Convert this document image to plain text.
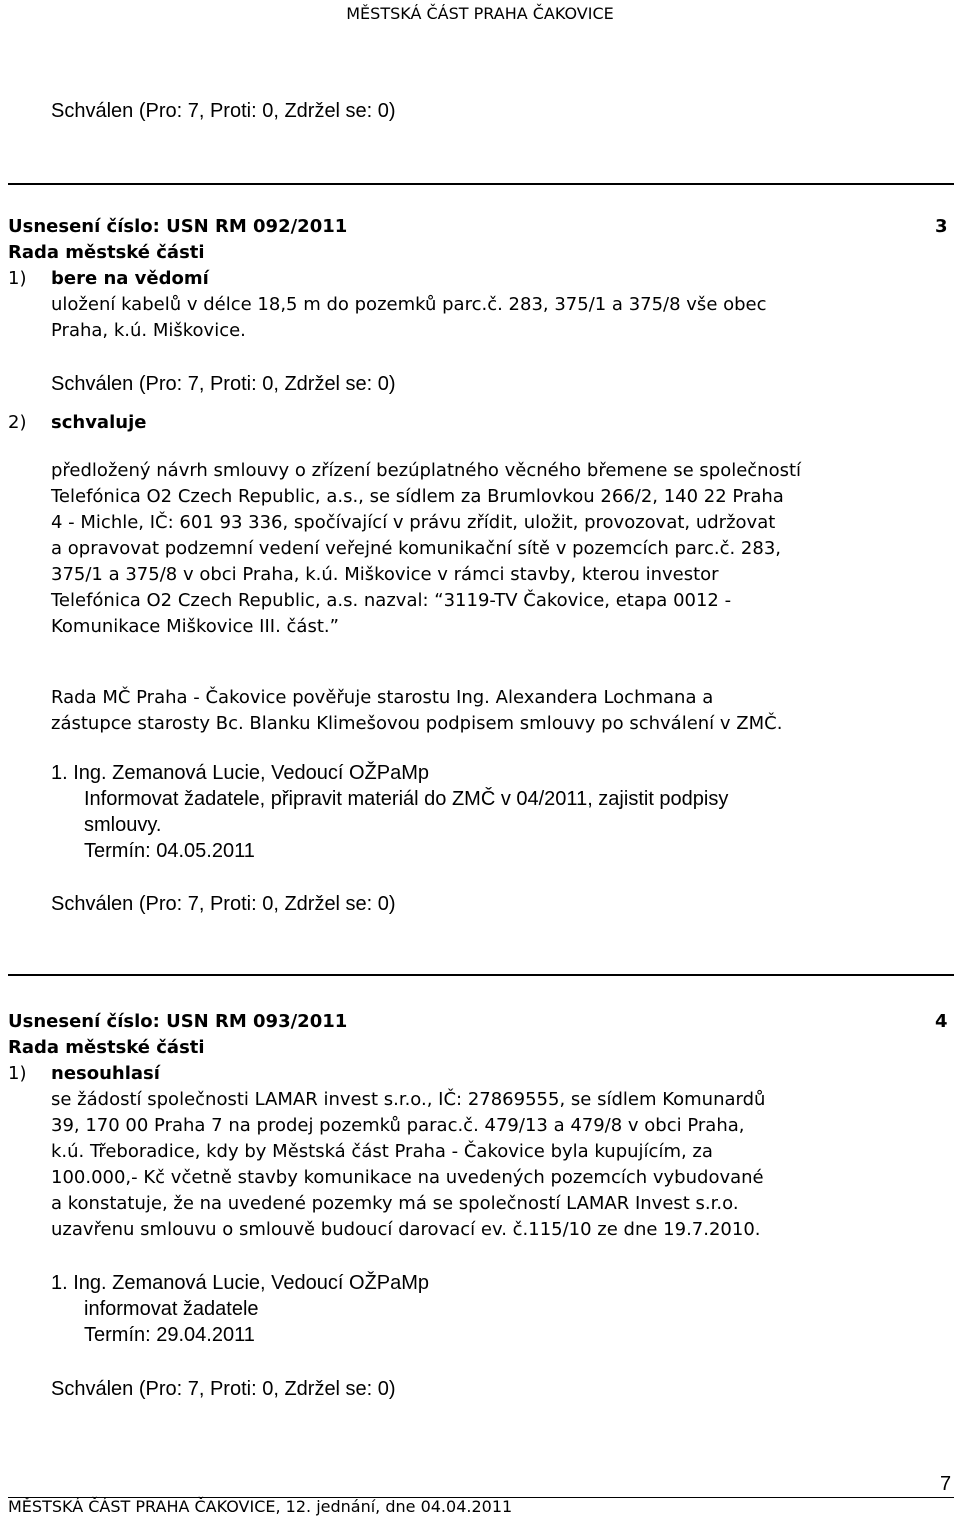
MĚSTSKÁ ČÁST PRAHA ČAKOVICE
Schválen (Pro: 7, Proti: 0, Zdržel se: 0)
Usnesení číslo: USN RM 092/2011	3
Rada městské části
1) bere na vědomí
uložení kabelů v délce 18,5 m do pozemků parc.č. 283, 375/1 a 375/8 vše obec
Praha, k.ú. Miškovice.
Schválen (Pro: 7, Proti: 0, Zdržel se: 0)
2) schvaluje
předložený návrh smlouvy o zřízení bezúplatného věcného břemene se společností
Telefónica O2 Czech Republic, a.s., se sídlem za Brumlovkou 266/2, 140 22 Praha
4 - Michle, IČ: 601 93 336, spočívající v právu zřídit, uložit, provozovat, udržovat
a opravovat podzemní vedení veřejné komunikační sítě v pozemcích parc.č. 283,
375/1 a 375/8 v obci Praha, k.ú. Miškovice v rámci stavby, kterou investor
Telefónica O2 Czech Republic, a.s. nazval: “3119-TV Čakovice, etapa 0012 -
Komunikace Miškovice III. část.”
Rada MČ Praha - Čakovice pověřuje starostu Ing. Alexandera Lochmana a
zástupce starosty Bc. Blanku Klimešovou podpisem smlouvy po schválení v ZMČ.
1. Ing. Zemanová Lucie, Vedoucí OŽPaMp
Informovat žadatele, připravit materiál do ZMČ v 04/2011, zajistit podpisy
smlouvy.
Termín: 04.05.2011
Schválen (Pro: 7, Proti: 0, Zdržel se: 0)
Usnesení číslo: USN RM 093/2011	4
Rada městské části
1) nesouhlasí
se žádostí společnosti LAMAR invest s.r.o., IČ: 27869555, se sídlem Komunardů
39, 170 00 Praha 7 na prodej pozemků parac.č. 479/13 a 479/8 v obci Praha,
k.ú. Třeboradice, kdy by Městská část Praha - Čakovice byla kupujícím, za
100.000,- Kč včetně stavby komunikace na uvedených pozemcích vybudované
a konstatuje, že na uvedené pozemky má se společností LAMAR Invest s.r.o.
uzavřenu smlouvu o smlouvě budoucí darovací ev. č.115/10 ze dne 19.7.2010.
1. Ing. Zemanová Lucie, Vedoucí OŽPaMp
informovat žadatele
Termín: 29.04.2011
Schválen (Pro: 7, Proti: 0, Zdržel se: 0)
7
MĚSTSKÁ ČÁST PRAHA ČAKOVICE, 12. jednání, dne 04.04.2011
